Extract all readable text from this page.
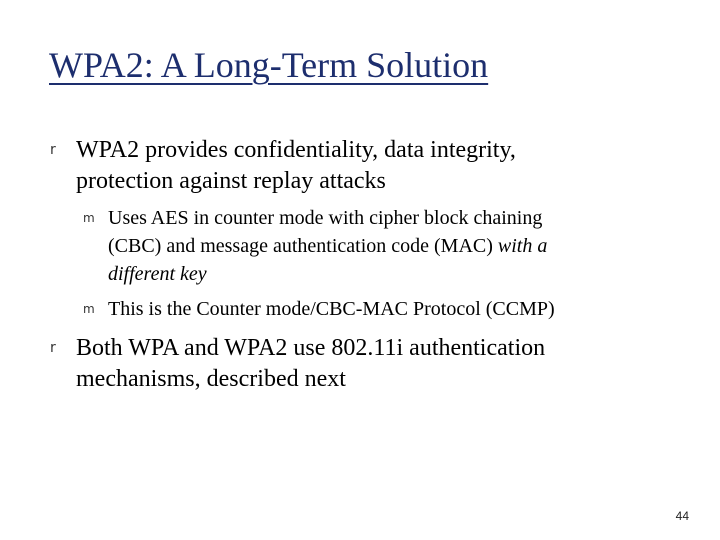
WPA2: A Long-Term Solution
r WPA2 provides confidentiality, data integrity,
protection against replay attacks
m Uses AES in counter mode with cipher block chaining
(CBC) and message authentication code (MAC) with a
different key
m This is the Counter mode/CBC-MAC Protocol (CCMP)
r Both WPA and WPA2 use 802.11i authentication
mechanisms, described next
44
